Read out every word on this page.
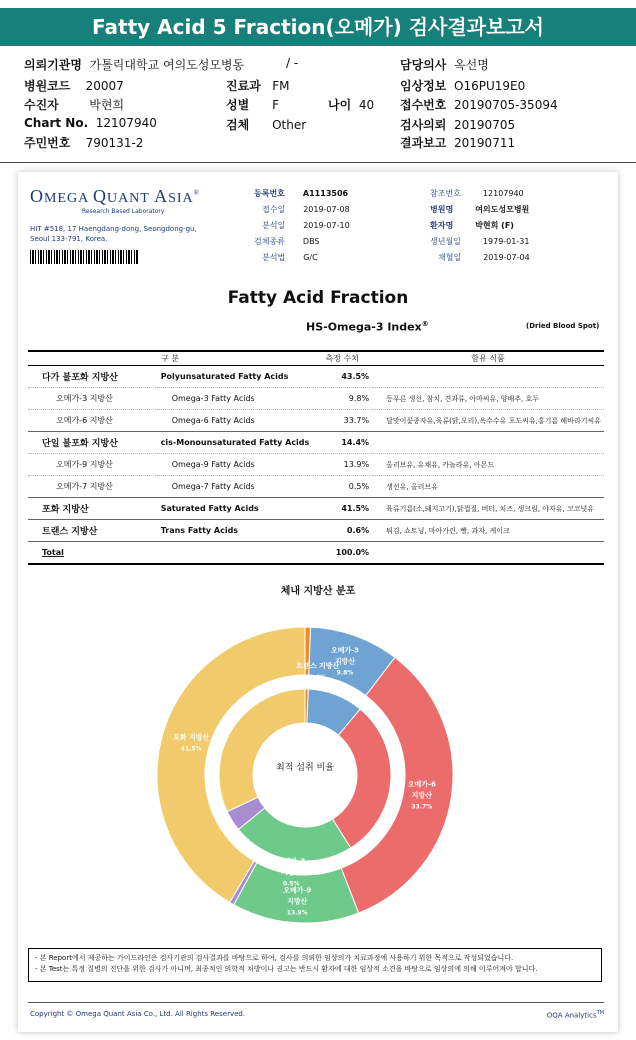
Fatty Acid 5 Fraction(오메가) 검사결과보고서
의뢰기관명 가톨릭대학교 여의도성모병동
병원코드 20007
수진자	박현희
Chart No. 12107940
주민번호 790131-2
/ -
진료과 FM
성별 F	나이 40
검체 Other
담당의사 옥선명
임상정보 O16PU19E0
접수번호 20190705-35094
검사의뢰 20190705
결과보고 20190711
OMEGA QUANT ASIA®
Research Based Laboratory
HIT #518, 17 Haengdang-dong, Seongdong-gu,
Seoul 133-791, Korea.
등록번호 A1113506
접수일 2019-07-08
분석일 2019-07-10
검체종류 DBS
분석법 G/C
참조번호	12107940
병원명	여의도성모병원
환자명	박현희 (F)
생년월일	1979-01-31
채혈일	2019-07-04
Fatty Acid Fraction
HS-Omega-3 Index®	(Dried Blood Spot)
구 분		측정 수치	함유 식품
다가 불포화 지방산	Polyunsaturated Fatty Acids	43.5%	
오메가-3 지방산	Omega-3 Fatty Acids	9.8%	등푸른 생선, 참치, 견과류, 아마씨유, 양배추, 호두
오메가-6 지방산	Omega-6 Fatty Acids	33.7%	달맞이꽃종자유,육류(닭,오리),옥수수유 포도씨유,홍기름 해바라기씨유
단일 불포화 지방산	cis-Monounsaturated Fatty Acids	14.4%	
오메가-9 지방산	Omega-9 Fatty Acids	13.9%	올리브유, 유채유, 카놀라유, 아몬드
오메가-7 지방산	Omega-7 Fatty Acids	0.5%	생선유, 올리브유
포화 지방산	Saturated Fatty Acids	41.5%	육류기름(소,돼지고기),닭껍질, 버터, 치즈, 생크림, 야자유, 코코넛유
트랜스 지방산	Trans Fatty Acids	0.6%	튀김, 쇼트닝, 마아가린, 빵, 과자, 케이크
Total		100.0%	
체내 지방산 분포
트랜스 지방산 0.6%
오메가-3 지방산 9.8%
오메가-6 지방산 33.7%
오메가-9 지방산 13.9%
오메가-7 지방산 0.5%
포화 지방산 41.5%
최적 섭취 비율
- 본 Report에서 제공하는 가이드라인은 검사기관의 검사결과를 바탕으로 하여, 검사를 의뢰한 임상의가 치료과정에 사용하기 위한 목적으로 작성되었습니다.
- 본 Test는 특정 질병의 진단을 위한 검사가 아니며, 최종적인 의학적 처방이나 권고는 반드시 환자에 대한 임상적 소견을 바탕으로 임상의에 의해 이루어져야 합니다.
Copyright © Omega Quant Asia Co., Ltd. All Rights Reserved.	OQA Analytics™
